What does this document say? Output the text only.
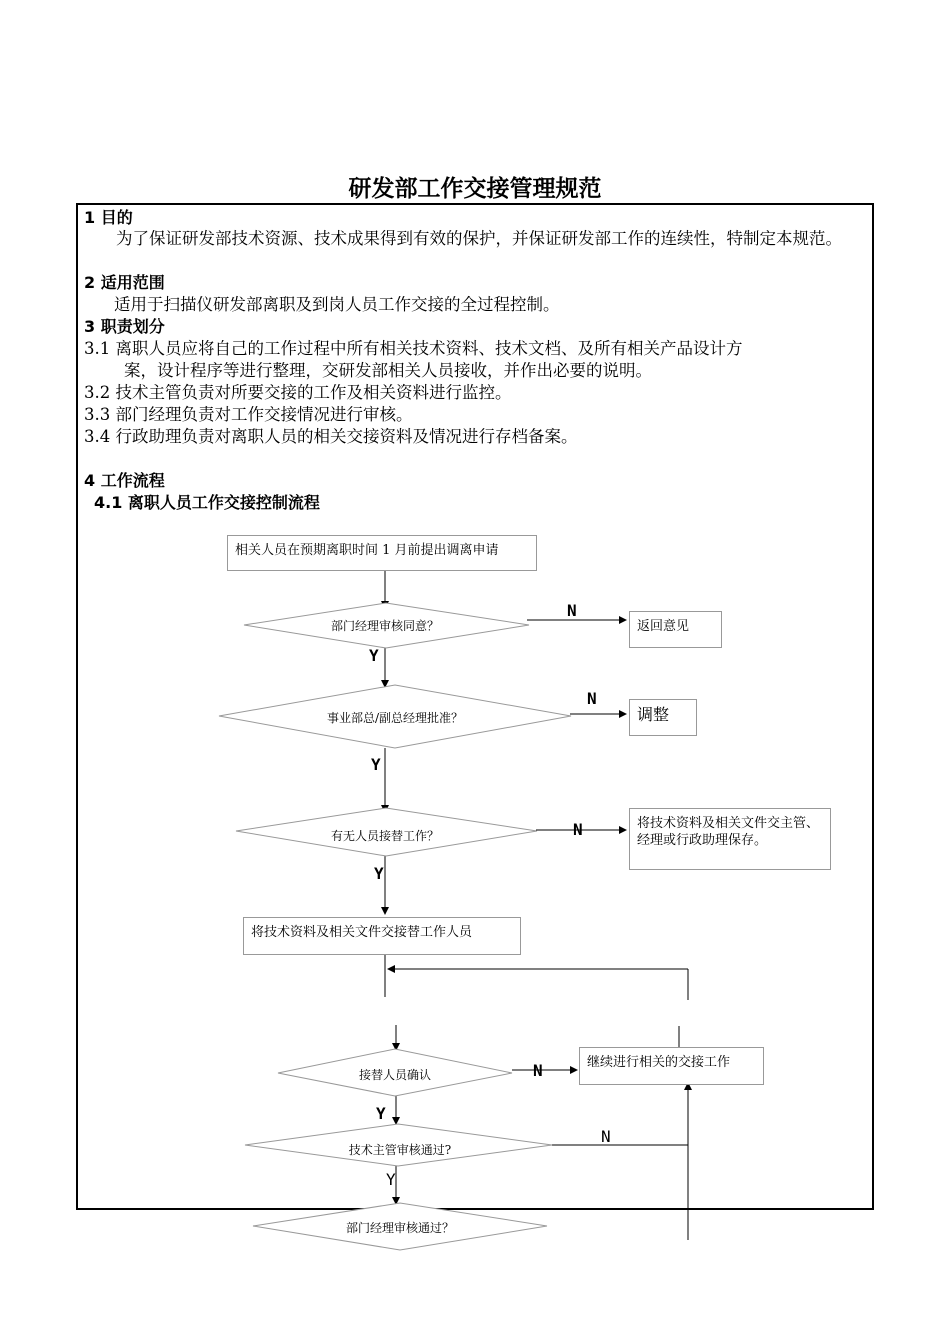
研发部工作交接管理规范
1 目的
为了保证研发部技术资源、技术成果得到有效的保护，并保证研发部工作的连续性，特制定本规范。
2 适用范围
适用于扫描仪研发部离职及到岗人员工作交接的全过程控制。
3 职责划分
3.1 离职人员应将自己的工作过程中所有相关技术资料、技术文档、及所有相关产品设计方
案，设计程序等进行整理，交研发部相关人员接收，并作出必要的说明。
3.2 技术主管负责对所要交接的工作及相关资料进行监控。
3.3 部门经理负责对工作交接情况进行审核。
3.4 行政助理负责对离职人员的相关交接资料及情况进行存档备案。
4 工作流程
4.1 离职人员工作交接控制流程
相关人员在预期离职时间 1 月前提出调离申请
返回意见
调整
将技术资料及相关文件交主管、经理或行政助理保存。
将技术资料及相关文件交接替工作人员
继续进行相关的交接工作
部门经理审核同意？
事业部总/副总经理批准？
有无人员接替工作？
接替人员确认
技术主管审核通过?
部门经理审核通过？
N
Y
N
Y
N
Y
N
Y
N
Y
